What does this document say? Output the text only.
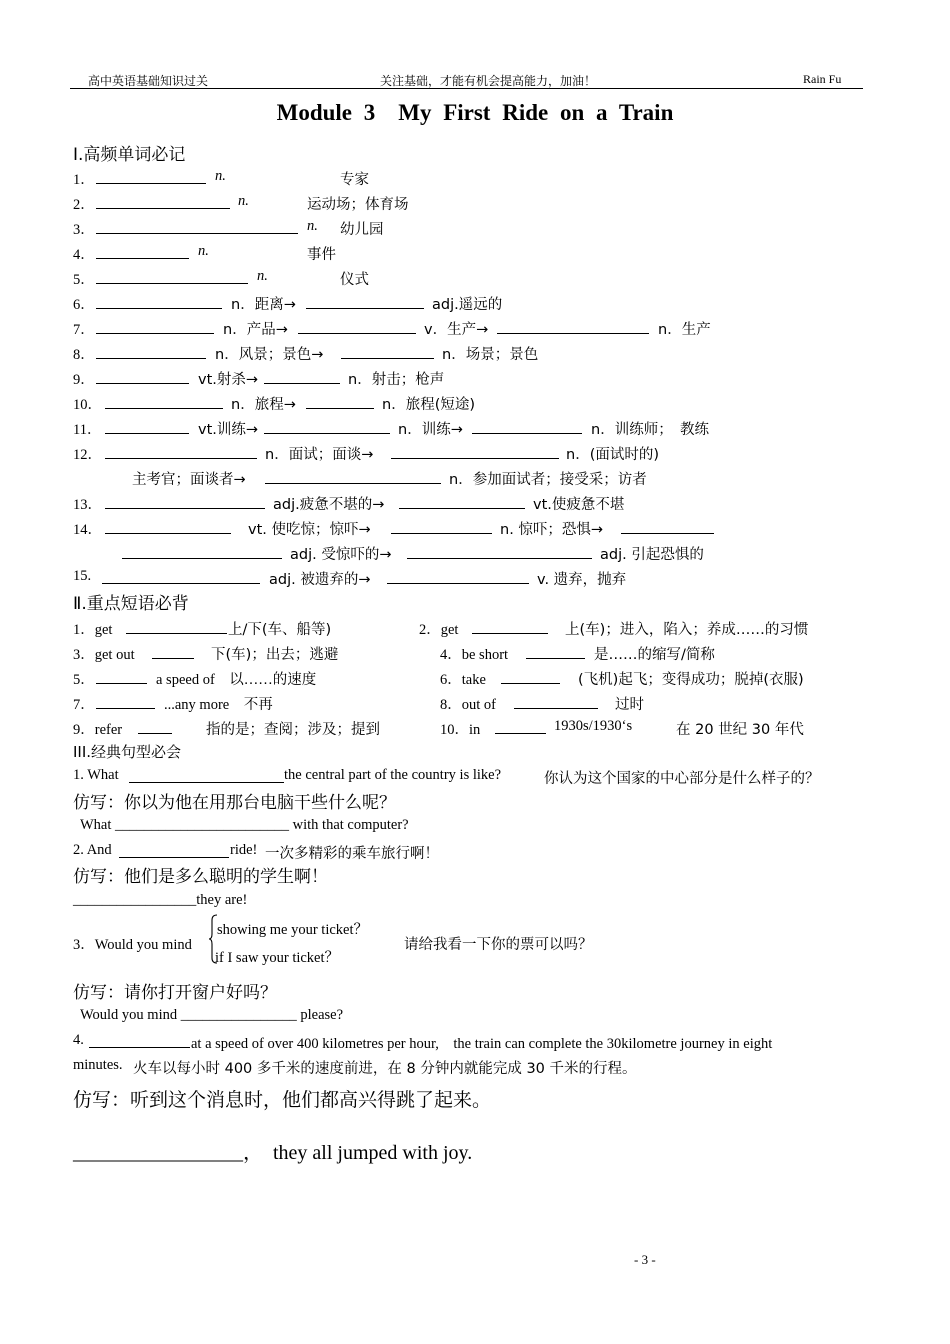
高中英语基础知识过关	关注基础，才能有机会提高能力，加油！	Rain Fu
Module 3　My First Ride on a Train
Ⅰ.高频单词必记
1．	n.	专家
2．	n.	运动场；体育场
3．	n. 幼儿园
4．	n.	事件
5．	n.	仪式
6．	n．距离→	adj.遥远的
7．	n．产品→	v．生产→	n．生产
8．	n．风景；景色→	n．场景；景色
9．	vt.射杀→	n．射击；枪声
10．	n．旅程→	n．旅程(短途)
11．	vt.训练→	n．训练→	n．训练师；　教练
12．	n．面试；面谈→	n．(面试时的)
主考官；面谈者→	n．参加面试者；接受采；访者
13．	adj.疲惫不堪的→	vt.使疲惫不堪
14．	vt. 使吃惊；惊吓→	n. 惊吓；恐惧→
adj. 受惊吓的→	adj. 引起恐惧的
15.	adj. 被遗弃的→	v. 遗弃，抛弃
Ⅱ.重点短语必背
1．get	上/下(车、船等)	2．get	上(车)；进入，陷入；养成……的习惯
3．get out	下(车)；出去；逃避	4．be short	是……的缩写/简称
5．	a speed of　以……的速度	6．take	(飞机)起飞；变得成功；脱掉(衣服)
7．	...any more　不再	8．out of	过时
9．refer	指的是；查阅；涉及；提到	10．in	1930s/1930‘s	在 20 世纪 30 年代
III.经典句型必会
1. What	the central part of the country is like?	你认为这个国家的中心部分是什么样子的？
仿写：你以为他在用那台电脑干些什么呢？
What ________________________ with that computer?
2. And	ride! 一次多精彩的乘车旅行啊！
仿写：他们是多么聪明的学生啊！
_________________they are!
3．Would you mind
showing me your ticket？
if I saw your ticket？
请给我看一下你的票可以吗？
仿写：请你打开窗户好吗？
Would you mind ________________ please?
4.	at a speed of over 400 kilometres per hour,　the train can complete the 30kilometre journey in eight
minutes. 火车以每小时 400 多千米的速度前进，在 8 分钟内就能完成 30 千米的行程。
仿写：听到这个消息时，他们都高兴得跳了起来。
_________________，　they all jumped with joy.
- 3 -
